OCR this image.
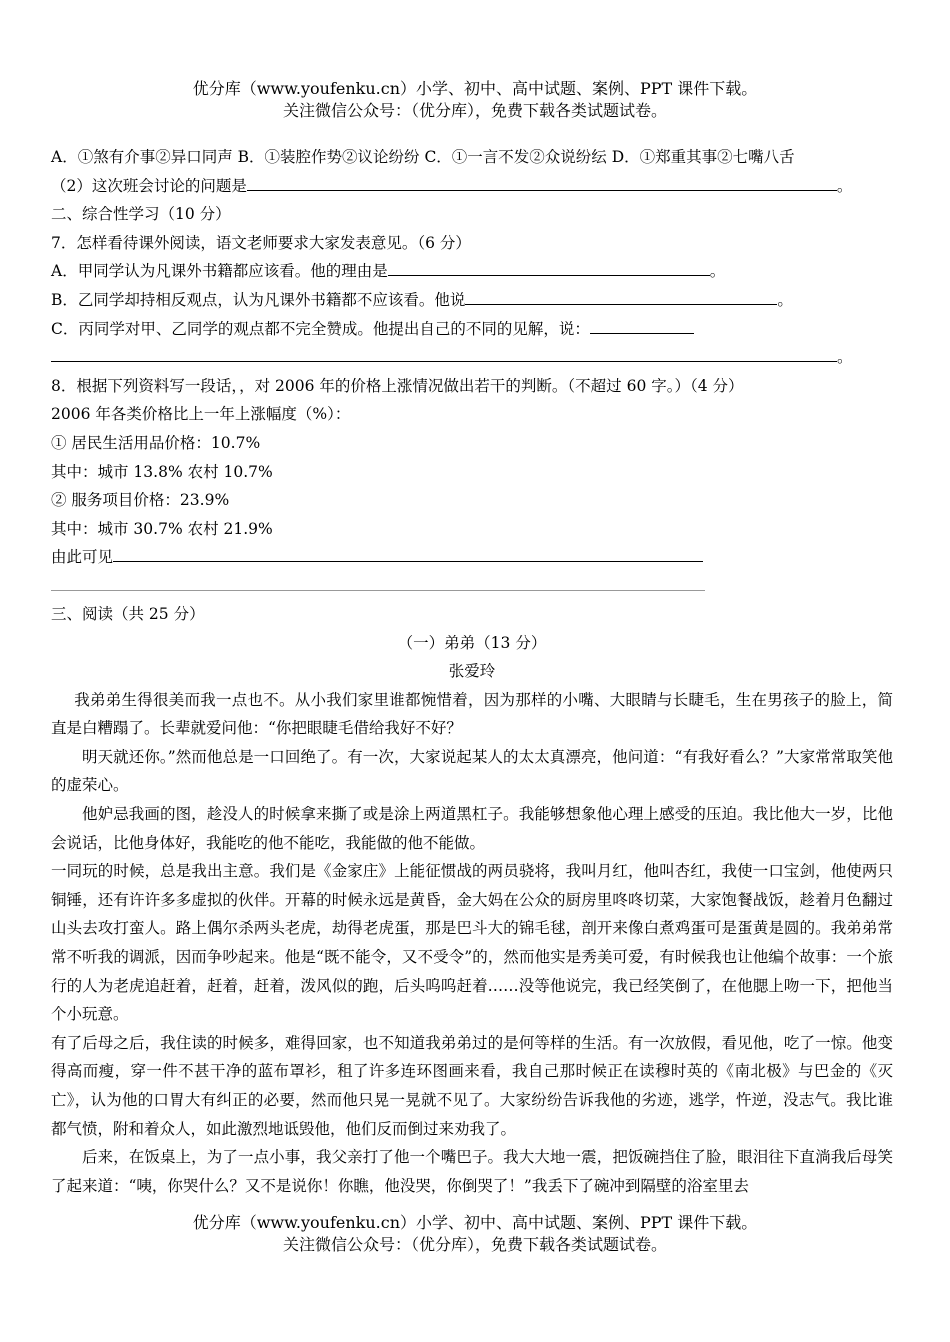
优分库（www.youfenku.cn）小学、初中、高中试题、案例、PPT 课件下载。
关注微信公众号：（优分库），免费下载各类试题试卷。
A．①煞有介事②异口同声 B．①装腔作势②议论纷纷 C．①一言不发②众说纷纭 D．①郑重其事②七嘴八舌
（2）这次班会讨论的问题是	。
二、综合性学习（10 分）
7．怎样看待课外阅读，语文老师要求大家发表意见。（6 分）
A．甲同学认为凡课外书籍都应该看。他的理由是	。
B．乙同学却持相反观点，认为凡课外书籍都不应该看。他说	。
C．丙同学对甲、乙同学的观点都不完全赞成。他提出自己的不同的见解，说：
。
8．根据下列资料写一段话，，对 2006 年的价格上涨情况做出若干的判断。（不超过 60 字。）（4 分）
2006 年各类价格比上一年上涨幅度（%）：
① 居民生活用品价格：10.7%
其中：城市 13.8% 农村 10.7%
② 服务项目价格：23.9%
其中：城市 30.7% 农村 21.9%
由此可见
三、阅读（共 25 分）
（一）弟弟（13 分）
张爱玲

我弟弟生得很美而我一点也不。从小我们家里谁都惋惜着，因为那样的小嘴、大眼睛与长睫毛，生在男孩子的脸上，简直是白糟蹋了。长辈就爱问他：“你把眼睫毛借给我好不好？

明天就还你。”然而他总是一口回绝了。有一次，大家说起某人的太太真漂亮，他问道：“有我好看么？”大家常常取笑他的虚荣心。

他妒忌我画的图，趁没人的时候拿来撕了或是涂上两道黑杠子。我能够想象他心理上感受的压迫。我比他大一岁，比他会说话，比他身体好，我能吃的他不能吃，我能做的他不能做。

一同玩的时候，总是我出主意。我们是《金家庄》上能征惯战的两员骁将，我叫月红，他叫杏红，我使一口宝剑，他使两只铜锤，还有许许多多虚拟的伙伴。开幕的时候永远是黄昏，金大妈在公众的厨房里咚咚切菜，大家饱餐战饭，趁着月色翻过山头去攻打蛮人。路上偶尔杀两头老虎，劫得老虎蛋，那是巴斗大的锦毛毬，剖开来像白煮鸡蛋可是蛋黄是圆的。我弟弟常常不听我的调派，因而争吵起来。他是“既不能令，又不受令”的，然而他实是秀美可爱，有时候我也让他编个故事：一个旅行的人为老虎追赶着，赶着，赶着，泼风似的跑，后头呜呜赶着……没等他说完，我已经笑倒了，在他腮上吻一下，把他当个小玩意。

有了后母之后，我住读的时候多，难得回家，也不知道我弟弟过的是何等样的生活。有一次放假，看见他，吃了一惊。他变得高而瘦，穿一件不甚干净的蓝布罩衫，租了许多连环图画来看，我自己那时候正在读穆时英的《南北极》与巴金的《灭亡》，认为他的口胃大有纠正的必要，然而他只晃一晃就不见了。大家纷纷告诉我他的劣迹，逃学，忤逆，没志气。我比谁都气愤，附和着众人，如此激烈地诋毁他，他们反而倒过来劝我了。

后来，在饭桌上，为了一点小事，我父亲打了他一个嘴巴子。我大大地一震，把饭碗挡住了脸，眼泪往下直淌我后母笑了起来道：“咦，你哭什么？又不是说你！你瞧，他没哭，你倒哭了！”我丢下了碗冲到隔壁的浴室里去

优分库（www.youfenku.cn）小学、初中、高中试题、案例、PPT 课件下载。
关注微信公众号：（优分库），免费下载各类试题试卷。
